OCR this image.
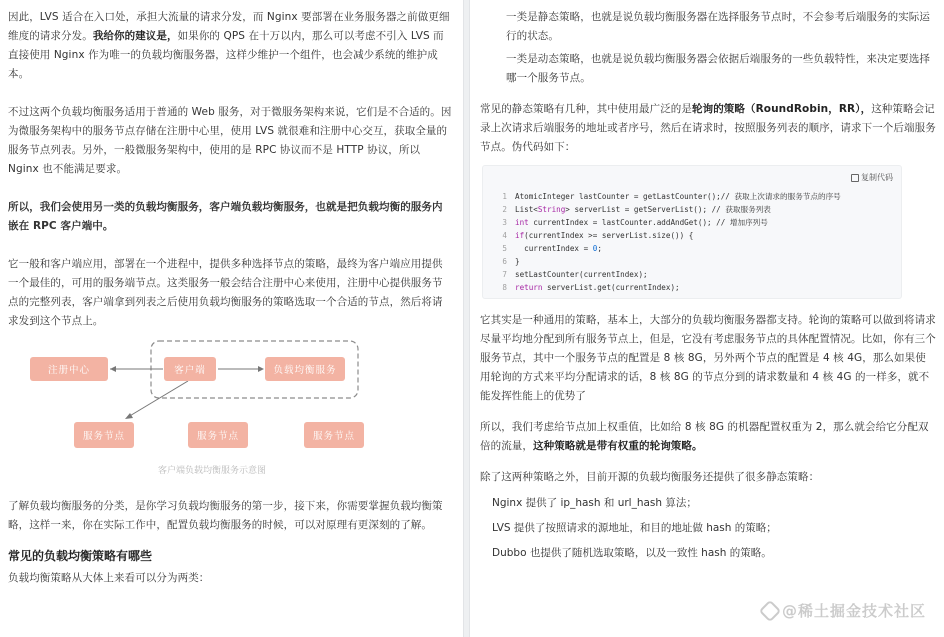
因此，LVS 适合在入口处，承担大流量的请求分发，而 Nginx 要部署在业务服务器之前做更细维度的请求分发。我给你的建议是，如果你的 QPS 在十万以内，那么可以考虑不引入 LVS 而直接使用 Nginx 作为唯一的负载均衡服务器，这样少维护一个组件，也会减少系统的维护成本。

不过这两个负载均衡服务适用于普通的 Web 服务，对于微服务架构来说，它们是不合适的。因为微服务架构中的服务节点存储在注册中心里，使用 LVS 就很难和注册中心交互，获取全量的服务节点列表。另外，一般微服务架构中，使用的是 RPC 协议而不是 HTTP 协议，所以 Nginx 也不能满足要求。

所以，我们会使用另一类的负载均衡服务，客户端负载均衡服务，也就是把负载均衡的服务内嵌在 RPC 客户端中。

它一般和客户端应用，部署在一个进程中，提供多种选择节点的策略，最终为客户端应用提供一个最佳的，可用的服务端节点。这类服务一般会结合注册中心来使用，注册中心提供服务节点的完整列表，客户端拿到列表之后使用负载均衡服务的策略选取一个合适的节点，然后将请求发到这个节点上。

注册中心	客户端	负载均衡服务
服务节点	服务节点	服务节点
客户端负载均衡服务示意图

了解负载均衡服务的分类，是你学习负载均衡服务的第一步，接下来，你需要掌握负载均衡策略，这样一来，你在实际工作中，配置负载均衡服务的时候，可以对原理有更深刻的了解。

常见的负载均衡策略有哪些

负载均衡策略从大体上来看可以分为两类：

一类是静态策略，也就是说负载均衡服务器在选择服务节点时，不会参考后端服务的实际运行的状态。

一类是动态策略，也就是说负载均衡服务器会依据后端服务的一些负载特性，来决定要选择哪一个服务节点。

常见的静态策略有几种，其中使用最广泛的是轮询的策略（RoundRobin，RR），这种策略会记录上次请求后端服务的地址或者序号，然后在请求时，按照服务列表的顺序，请求下一个后端服务节点。伪代码如下：

复制代码
1 AtomicInteger lastCounter = getLastCounter(); // 获取上次请求的服务节点的序号
2 List< String > serverList = getServerList(); // 获取服务列表
3 int currentIndex = lastCounter.addAndGet(); // 增加序列号
4 if (currentIndex >= serverList.size()) {
5 currentIndex = 0 ;
6 }
7 setLastCounter(currentIndex);
8 return serverList.get(currentIndex);

它其实是一种通用的策略，基本上，大部分的负载均衡服务器都支持。轮询的策略可以做到将请求尽量平均地分配到所有服务节点上，但是，它没有考虑服务节点的具体配置情况。比如，你有三个服务节点，其中一个服务节点的配置是 8 核 8G，另外两个节点的配置是 4 核 4G，那么如果使用轮询的方式来平均分配请求的话，8 核 8G 的节点分到的请求数量和 4 核 4G 的一样多，就不能发挥性能上的优势了

所以，我们考虑给节点加上权重值，比如给 8 核 8G 的机器配置权重为 2，那么就会给它分配双倍的流量，这种策略就是带有权重的轮询策略。

除了这两种策略之外，目前开源的负载均衡服务还提供了很多静态策略：

Nginx 提供了 ip_hash 和 url_hash 算法；
LVS 提供了按照请求的源地址，和目的地址做 hash 的策略；
Dubbo 也提供了随机选取策略，以及一致性 hash 的策略。
@稀土掘金技术社区
